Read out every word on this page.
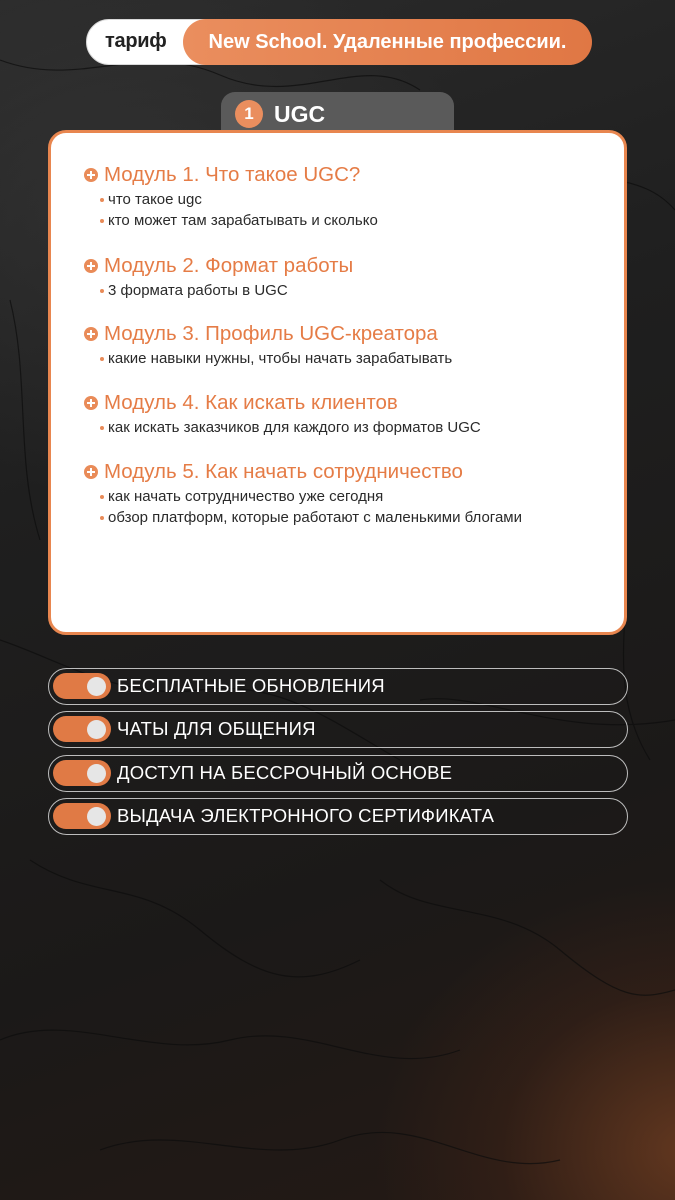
тариф	New School. Удаленные профессии.
1 UGC
Модуль 1. Что такое UGC?
что такое ugc
кто может там зарабатывать и сколько
Модуль 2. Формат работы
3 формата работы в UGC
Модуль 3. Профиль UGC-креатора
какие навыки нужны, чтобы начать зарабатывать
Модуль 4. Как искать клиентов
как искать заказчиков для каждого из форматов UGC
Модуль 5. Как начать сотрудничество
как начать сотрудничество уже сегодня
обзор платформ, которые работают с маленькими блогами
БЕСПЛАТНЫЕ ОБНОВЛЕНИЯ
ЧАТЫ ДЛЯ ОБЩЕНИЯ
ДОСТУП НА БЕССРОЧНЫЙ ОСНОВЕ
ВЫДАЧА ЭЛЕКТРОННОГО СЕРТИФИКАТА
